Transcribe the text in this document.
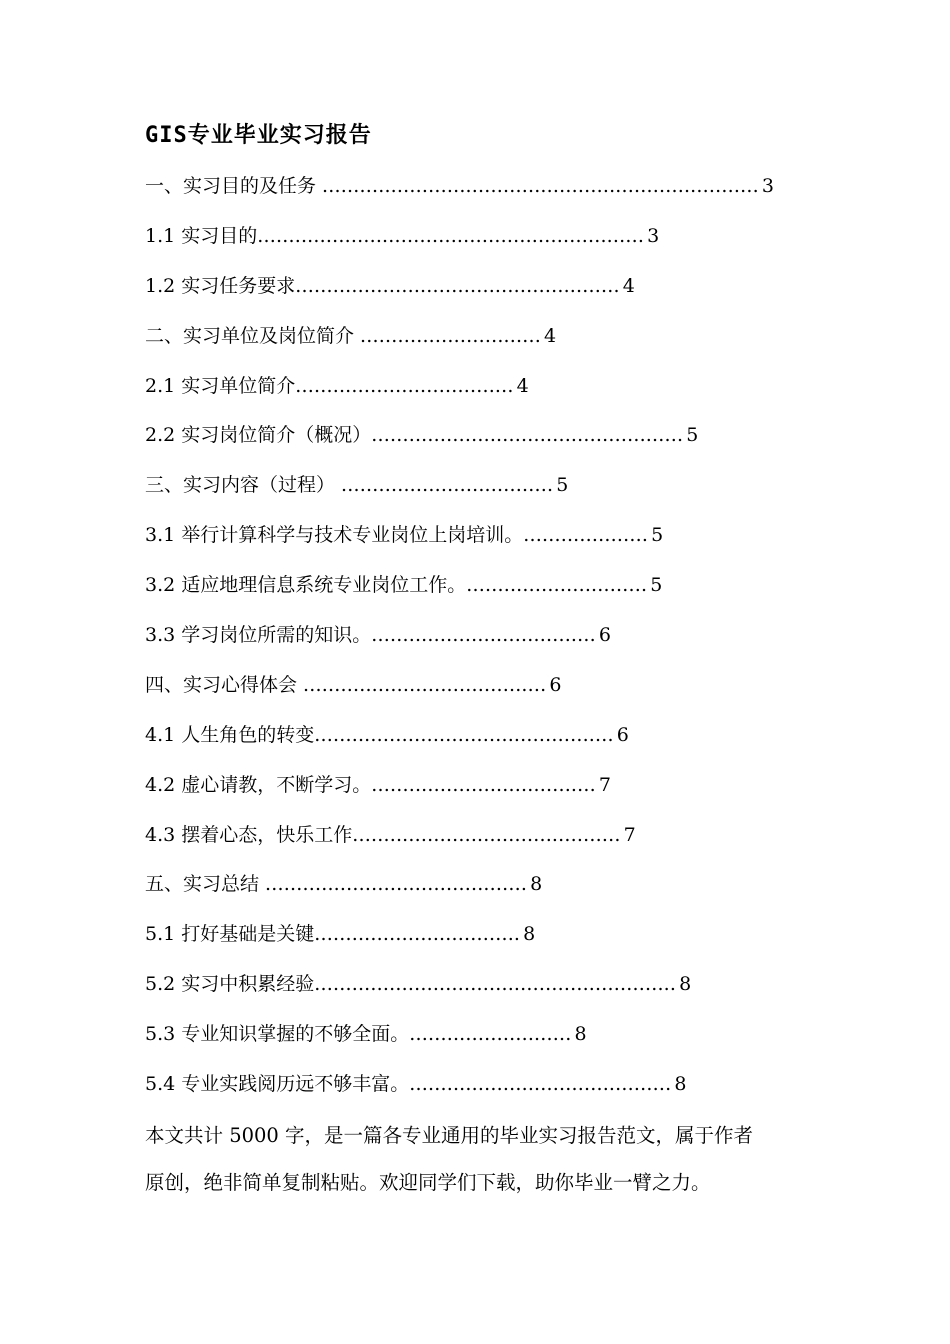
GIS专业毕业实习报告
一、实习目的及任务 ...................................................................... 3
1.1 实习目的.............................................................. 3
1.2 实习任务要求.................................................... 4
二、实习单位及岗位简介 ............................. 4
2.1 实习单位简介................................... 4
2.2 实习岗位简介（概况）.................................................. 5
三、实习内容（过程） .................................. 5
3.1 举行计算科学与技术专业岗位上岗培训。.................... 5
3.2 适应地理信息系统专业岗位工作。............................. 5
3.3 学习岗位所需的知识。.................................... 6
四、实习心得体会 ....................................... 6
4.1 人生角色的转变................................................ 6
4.2 虚心请教，不断学习。.................................... 7
4.3 摆着心态，快乐工作........................................... 7
五、实习总结 .......................................... 8
5.1 打好基础是关键................................. 8
5.2 实习中积累经验.......................................................... 8
5.3 专业知识掌握的不够全面。.......................... 8
5.4 专业实践阅历远不够丰富。.......................................... 8

本文共计 5000 字，是一篇各专业通用的毕业实习报告范文，属于作者

原创，绝非简单复制粘贴。欢迎同学们下载，助你毕业一臂之力。
